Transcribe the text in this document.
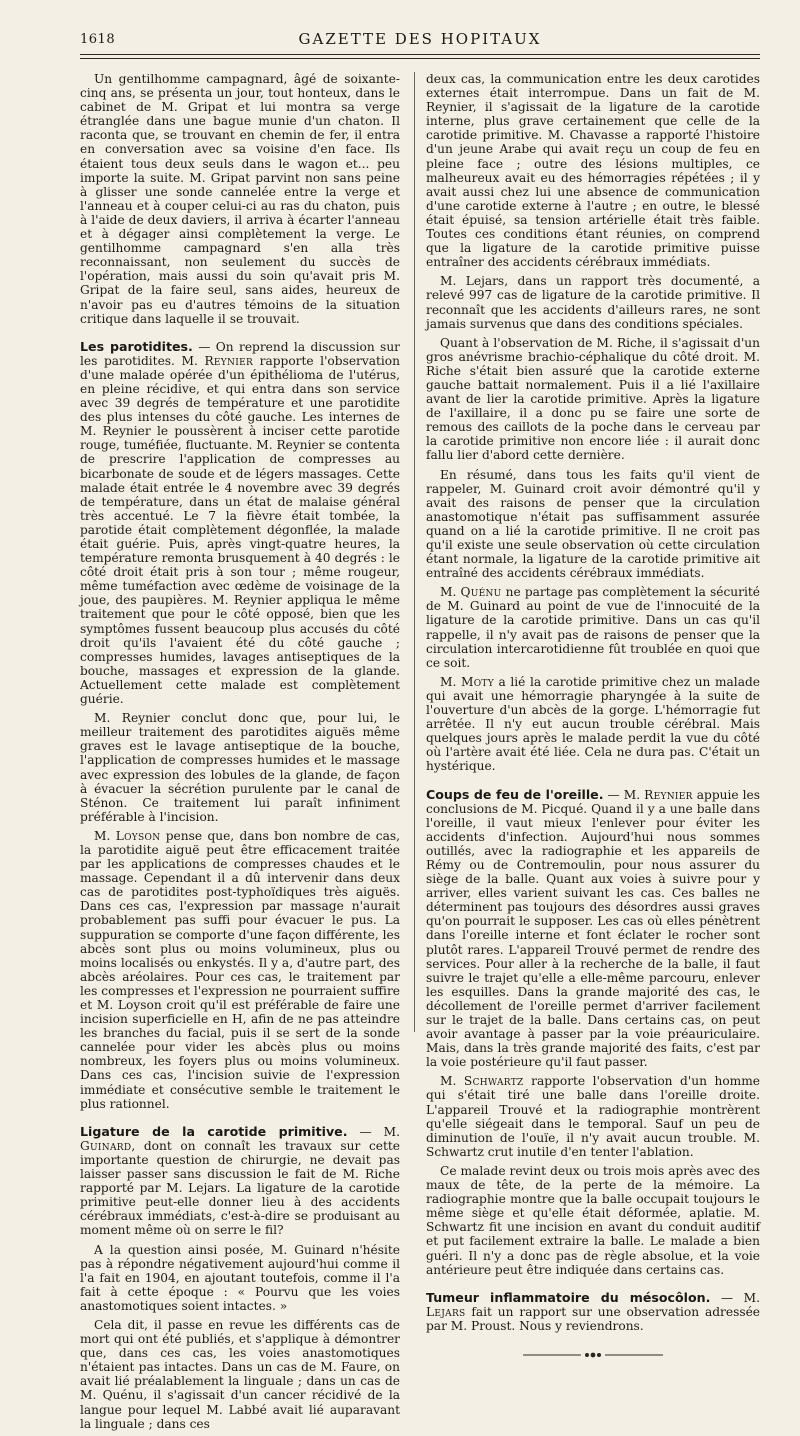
1618	GAZETTE DES HOPITAUX

Un gentilhomme campagnard, âgé de soixante-cinq ans, se présenta un jour, tout honteux, dans le cabinet de M. Gripat et lui montra sa verge étranglée dans une bague munie d'un chaton. Il raconta que, se trouvant en chemin de fer, il entra en conversation avec sa voisine d'en face. Ils étaient tous deux seuls dans le wagon et... peu importe la suite. M. Gripat parvint non sans peine à glisser une sonde cannelée entre la verge et l'anneau et à couper celui-ci au ras du chaton, puis à l'aide de deux daviers, il arriva à écarter l'anneau et à dégager ainsi complètement la verge. Le gentilhomme campagnard s'en alla très reconnaissant, non seulement du succès de l'opération, mais aussi du soin qu'avait pris M. Gripat de la faire seul, sans aides, heureux de n'avoir pas eu d'autres témoins de la situation critique dans laquelle il se trouvait.

Les parotidites. — On reprend la discussion sur les parotidites. M. Reynier rapporte l'observation d'une malade opérée d'un épithélioma de l'utérus, en pleine récidive, et qui entra dans son service avec 39 degrés de température et une parotidite des plus intenses du côté gauche. Les internes de M. Reynier le poussèrent à inciser cette parotide rouge, tuméfiée, fluctuante. M. Reynier se contenta de prescrire l'application de compresses au bicarbonate de soude et de légers massages. Cette malade était entrée le 4 novembre avec 39 degrés de température, dans un état de malaise général très accentué. Le 7 la fièvre était tombée, la parotide était complètement dégonflée, la malade était guérie. Puis, après vingt-quatre heures, la température remonta brusquement à 40 degrés : le côté droit était pris à son tour ; même rougeur, même tuméfaction avec œdème de voisinage de la joue, des paupières. M. Reynier appliqua le même traitement que pour le côté opposé, bien que les symptômes fussent beaucoup plus accusés du côté droit qu'ils l'avaient été du côté gauche ; compresses humides, lavages antiseptiques de la bouche, massages et expression de la glande. Actuellement cette malade est complètement guérie.

M. Reynier conclut donc que, pour lui, le meilleur traitement des parotidites aiguës même graves est le lavage antiseptique de la bouche, l'application de compresses humides et le massage avec expression des lobules de la glande, de façon à évacuer la sécrétion purulente par le canal de Sténon. Ce traitement lui paraît infiniment préférable à l'incision.

M. Loyson pense que, dans bon nombre de cas, la parotidite aiguë peut être efficacement traitée par les applications de compresses chaudes et le massage. Cependant il a dû intervenir dans deux cas de parotidites post-typhoïdiques très aiguës. Dans ces cas, l'expression par massage n'aurait probablement pas suffi pour évacuer le pus. La suppuration se comporte d'une façon différente, les abcès sont plus ou moins volumineux, plus ou moins localisés ou enkystés. Il y a, d'autre part, des abcès aréolaires. Pour ces cas, le traitement par les compresses et l'expression ne pourraient suffire et M. Loyson croit qu'il est préférable de faire une incision superficielle en H, afin de ne pas atteindre les branches du facial, puis il se sert de la sonde cannelée pour vider les abcès plus ou moins nombreux, les foyers plus ou moins volumineux. Dans ces cas, l'incision suivie de l'expression immédiate et consécutive semble le traitement le plus rationnel.

Ligature de la carotide primitive. — M. Guinard, dont on connaît les travaux sur cette importante question de chirurgie, ne devait pas laisser passer sans discussion le fait de M. Riche rapporté par M. Lejars. La ligature de la carotide primitive peut-elle donner lieu à des accidents cérébraux immédiats, c'est-à-dire se produisant au moment même où on serre le fil?

A la question ainsi posée, M. Guinard n'hésite pas à répondre négativement aujourd'hui comme il l'a fait en 1904, en ajoutant toutefois, comme il l'a fait à cette époque : « Pourvu que les voies anastomotiques soient intactes. »

Cela dit, il passe en revue les différents cas de mort qui ont été publiés, et s'applique à démontrer que, dans ces cas, les voies anastomotiques n'étaient pas intactes. Dans un cas de M. Faure, on avait lié préalablement la linguale ; dans un cas de M. Quénu, il s'agissait d'un cancer récidivé de la langue pour lequel M. Labbé avait lié auparavant la linguale ; dans ces

deux cas, la communication entre les deux carotides externes était interrompue. Dans un fait de M. Reynier, il s'agissait de la ligature de la carotide interne, plus grave certainement que celle de la carotide primitive. M. Chavasse a rapporté l'histoire d'un jeune Arabe qui avait reçu un coup de feu en pleine face ; outre des lésions multiples, ce malheureux avait eu des hémorragies répétées ; il y avait aussi chez lui une absence de communication d'une carotide externe à l'autre ; en outre, le blessé était épuisé, sa tension artérielle était très faible. Toutes ces conditions étant réunies, on comprend que la ligature de la carotide primitive puisse entraîner des accidents cérébraux immédiats.

M. Lejars, dans un rapport très documenté, a relevé 997 cas de ligature de la carotide primitive. Il reconnaît que les accidents d'ailleurs rares, ne sont jamais survenus que dans des conditions spéciales.

Quant à l'observation de M. Riche, il s'agissait d'un gros anévrisme brachio-céphalique du côté droit. M. Riche s'était bien assuré que la carotide externe gauche battait normalement. Puis il a lié l'axillaire avant de lier la carotide primitive. Après la ligature de l'axillaire, il a donc pu se faire une sorte de remous des caillots de la poche dans le cerveau par la carotide primitive non encore liée : il aurait donc fallu lier d'abord cette dernière.

En résumé, dans tous les faits qu'il vient de rappeler, M. Guinard croit avoir démontré qu'il y avait des raisons de penser que la circulation anastomotique n'était pas suffisamment assurée quand on a lié la carotide primitive. Il ne croit pas qu'il existe une seule observation où cette circulation étant normale, la ligature de la carotide primitive ait entraîné des accidents cérébraux immédiats.

M. Quénu ne partage pas complètement la sécurité de M. Guinard au point de vue de l'innocuité de la ligature de la carotide primitive. Dans un cas qu'il rappelle, il n'y avait pas de raisons de penser que la circulation intercarotidienne fût troublée en quoi que ce soit.

M. Moty a lié la carotide primitive chez un malade qui avait une hémorragie pharyngée à la suite de l'ouverture d'un abcès de la gorge. L'hémorragie fut arrêtée. Il n'y eut aucun trouble cérébral. Mais quelques jours après le malade perdit la vue du côté où l'artère avait été liée. Cela ne dura pas. C'était un hystérique.

Coups de feu de l'oreille. — M. Reynier appuie les conclusions de M. Picqué. Quand il y a une balle dans l'oreille, il vaut mieux l'enlever pour éviter les accidents d'infection. Aujourd'hui nous sommes outillés, avec la radiographie et les appareils de Rémy ou de Contremoulin, pour nous assurer du siège de la balle. Quant aux voies à suivre pour y arriver, elles varient suivant les cas. Ces balles ne déterminent pas toujours des désordres aussi graves qu'on pourrait le supposer. Les cas où elles pénètrent dans l'oreille interne et font éclater le rocher sont plutôt rares. L'appareil Trouvé permet de rendre des services. Pour aller à la recherche de la balle, il faut suivre le trajet qu'elle a elle-même parcouru, enlever les esquilles. Dans la grande majorité des cas, le décollement de l'oreille permet d'arriver facilement sur le trajet de la balle. Dans certains cas, on peut avoir avantage à passer par la voie préauriculaire. Mais, dans la très grande majorité des faits, c'est par la voie postérieure qu'il faut passer.

M. Schwartz rapporte l'observation d'un homme qui s'était tiré une balle dans l'oreille droite. L'appareil Trouvé et la radiographie montrèrent qu'elle siégeait dans le temporal. Sauf un peu de diminution de l'ouïe, il n'y avait aucun trouble. M. Schwartz crut inutile d'en tenter l'ablation.

Ce malade revint deux ou trois mois après avec des maux de tête, de la perte de la mémoire. La radiographie montre que la balle occupait toujours le même siège et qu'elle était déformée, aplatie. M. Schwartz fit une incision en avant du conduit auditif et put facilement extraire la balle. Le malade a bien guéri. Il n'y a donc pas de règle absolue, et la voie antérieure peut être indiquée dans certains cas.

Tumeur inflammatoire du mésocôlon. — M. Lejars fait un rapport sur une observation adressée par M. Proust. Nous y reviendrons.
